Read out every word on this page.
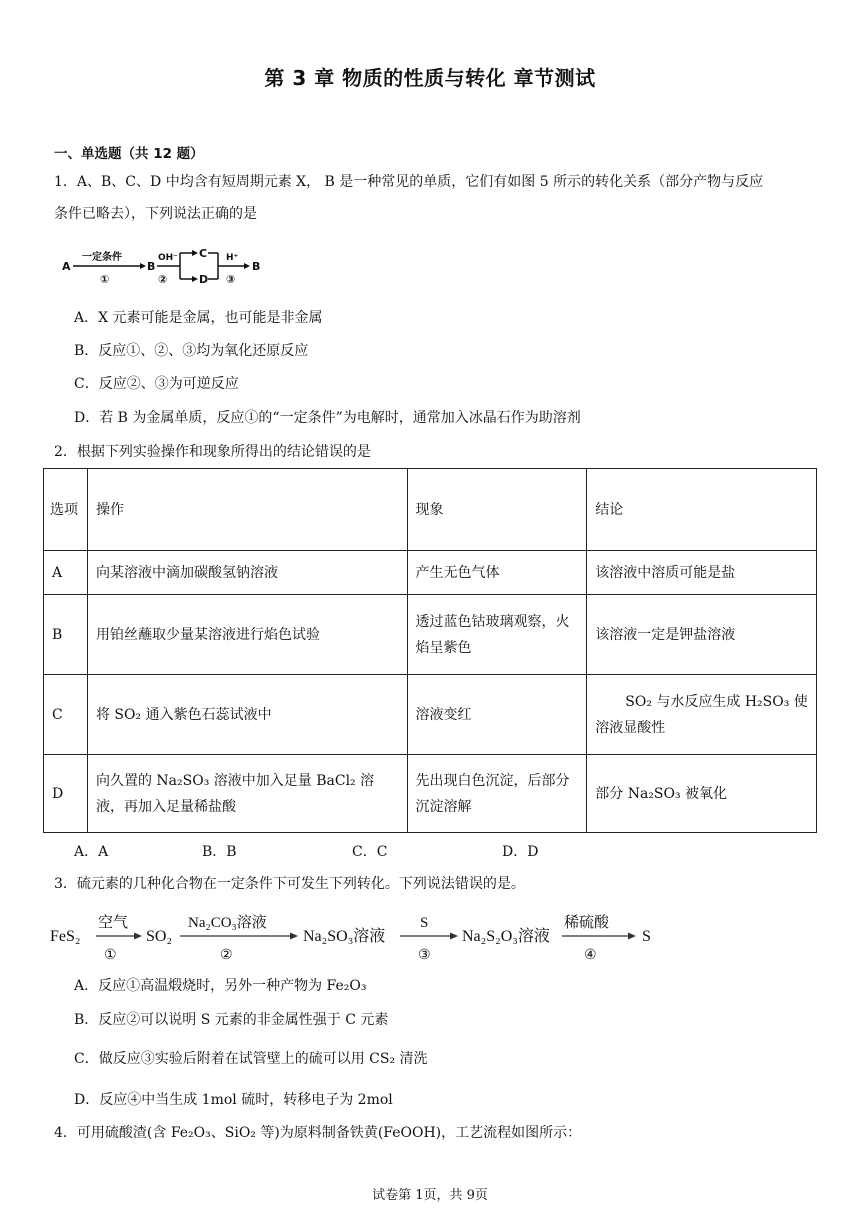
第 3 章 物质的性质与转化 章节测试
一、单选题（共 12 题）
1．A、B、C、D 中均含有短周期元素 X， B 是一种常见的单质，它们有如图 5 所示的转化关系（部分产物与反应
条件已略去），下列说法正确的是
A
一定条件
①
B
OH⁻
②
C
D
H⁺
③
B
A．X 元素可能是金属，也可能是非金属
B．反应①、②、③均为氧化还原反应
C．反应②、③为可逆反应
D．若 B 为金属单质，反应①的“一定条件”为电解时，通常加入冰晶石作为助溶剂
2．根据下列实验操作和现象所得出的结论错误的是
选项	操作	现象	结论
A	向某溶液中滴加碳酸氢钠溶液	产生无色气体	该溶液中溶质可能是盐
B	用铂丝蘸取少量某溶液进行焰色试验	透过蓝色钴玻璃观察，火焰呈紫色	该溶液一定是钾盐溶液
C	将 SO₂ 通入紫色石蕊试液中	溶液变红	SO₂ 与水反应生成 H₂SO₃ 使溶液显酸性
D	向久置的 Na₂SO₃ 溶液中加入足量 BaCl₂ 溶液，再加入足量稀盐酸	先出现白色沉淀，后部分沉淀溶解	部分 Na₂SO₃ 被氧化
A．A	B．B	C．C	D．D
3．硫元素的几种化合物在一定条件下可发生下列转化。下列说法错误的是。
FeS₂
空气
①
SO₂
Na₂CO₃溶液
②
Na₂SO₃溶液
S
③
Na₂S₂O₃溶液
稀硫酸
④
S
A．反应①高温煅烧时，另外一种产物为 Fe₂O₃
B．反应②可以说明 S 元素的非金属性强于 C 元素
C．做反应③实验后附着在试管壁上的硫可以用 CS₂ 清洗
D．反应④中当生成 1mol 硫时，转移电子为 2mol
4．可用硫酸渣(含 Fe₂O₃、SiO₂ 等)为原料制备铁黄(FeOOH)，工艺流程如图所示：
试卷第 1页，共 9页
